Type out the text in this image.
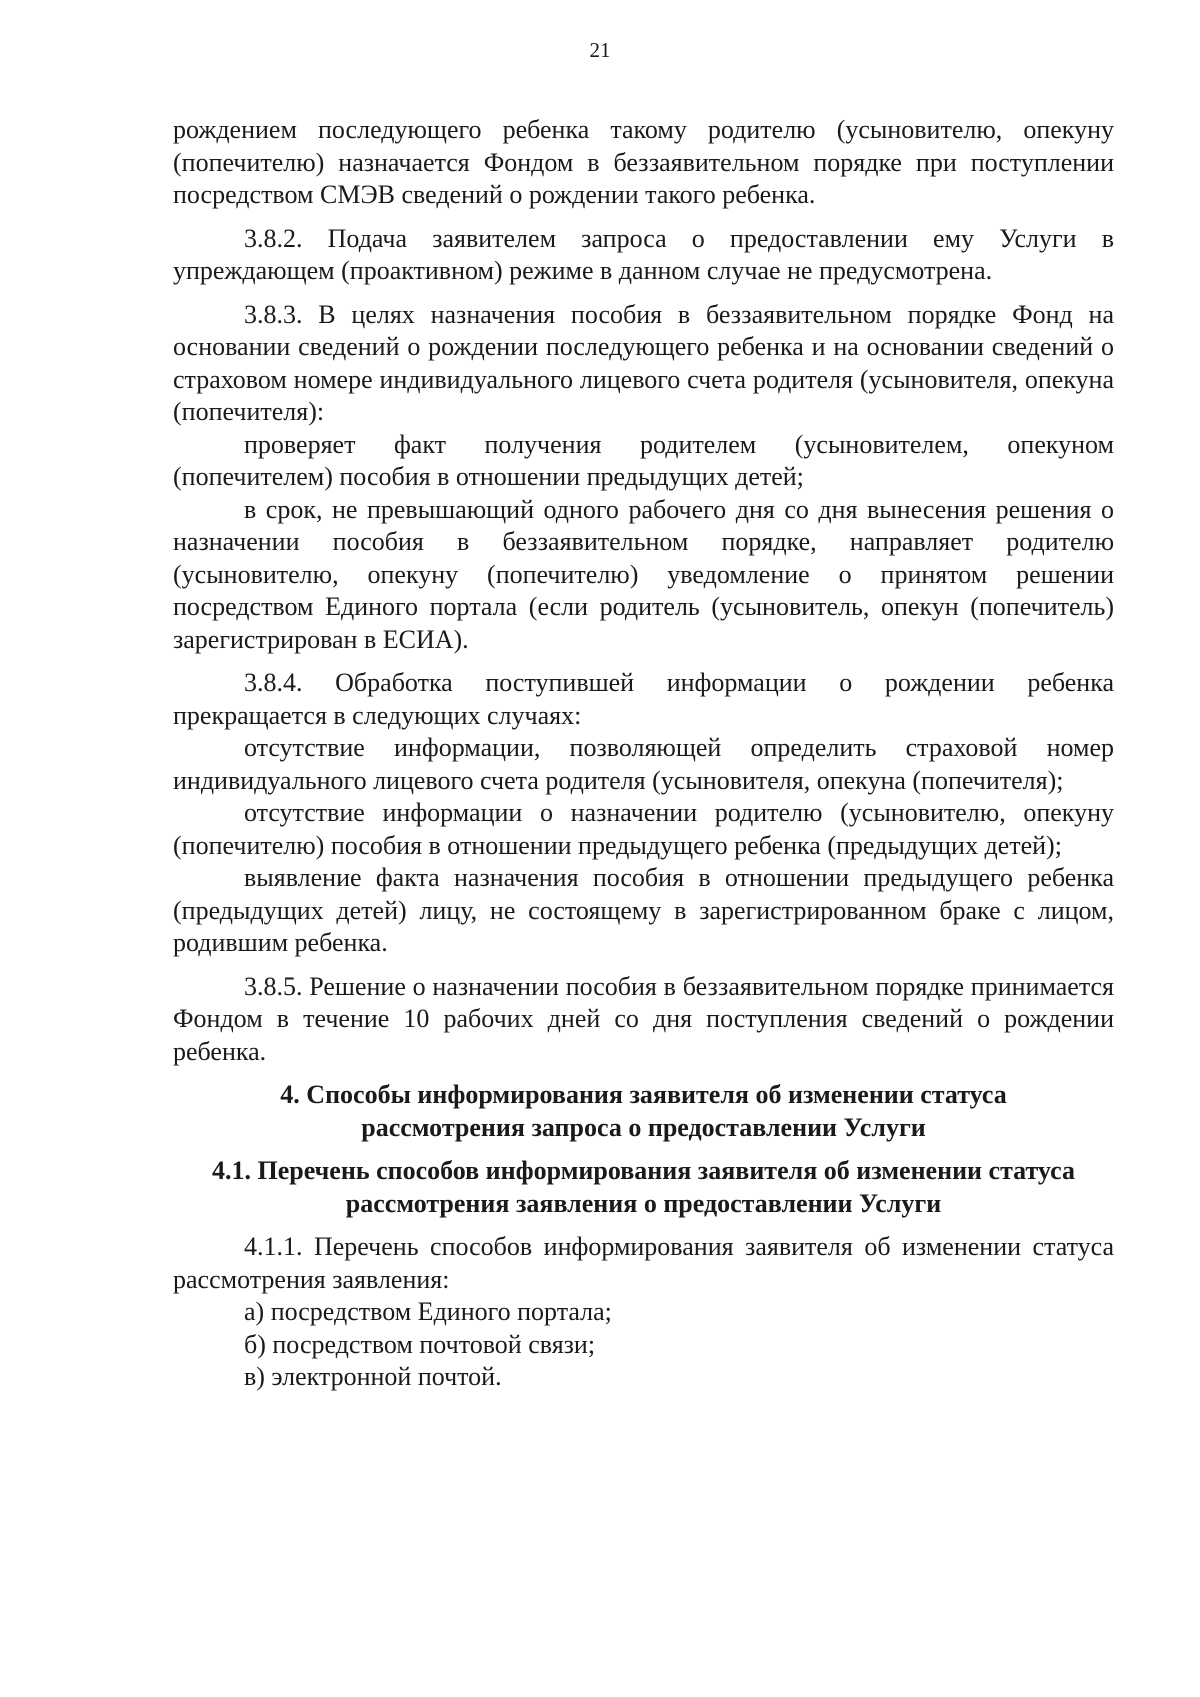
21

рождением последующего ребенка такому родителю (усыновителю, опекуну (попечителю) назначается Фондом в беззаявительном порядке при поступлении посредством СМЭВ сведений о рождении такого ребенка.

3.8.2. Подача заявителем запроса о предоставлении ему Услуги в упреждающем (проактивном) режиме в данном случае не предусмотрена.

3.8.3. В целях назначения пособия в беззаявительном порядке Фонд на основании сведений о рождении последующего ребенка и на основании сведений о страховом номере индивидуального лицевого счета родителя (усыновителя, опекуна (попечителя):

проверяет факт получения родителем (усыновителем, опекуном (попечителем) пособия в отношении предыдущих детей;

в срок, не превышающий одного рабочего дня со дня вынесения решения о назначении пособия в беззаявительном порядке, направляет родителю (усыновителю, опекуну (попечителю) уведомление о принятом решении посредством Единого портала (если родитель (усыновитель, опекун (попечитель) зарегистрирован в ЕСИА).

3.8.4. Обработка поступившей информации о рождении ребенка прекращается в следующих случаях:

отсутствие информации, позволяющей определить страховой номер индивидуального лицевого счета родителя (усыновителя, опекуна (попечителя);

отсутствие информации о назначении родителю (усыновителю, опекуну (попечителю) пособия в отношении предыдущего ребенка (предыдущих детей);

выявление факта назначения пособия в отношении предыдущего ребенка (предыдущих детей) лицу, не состоящему в зарегистрированном браке с лицом, родившим ребенка.

3.8.5. Решение о назначении пособия в беззаявительном порядке принимается Фондом в течение 10 рабочих дней со дня поступления сведений о рождении ребенка.

4. Способы информирования заявителя об изменении статуса
рассмотрения запроса о предоставлении Услуги
4.1. Перечень способов информирования заявителя об изменении статуса
рассмотрения заявления о предоставлении Услуги

4.1.1. Перечень способов информирования заявителя об изменении статуса рассмотрения заявления:

а) посредством Единого портала;

б) посредством почтовой связи;

в) электронной почтой.
